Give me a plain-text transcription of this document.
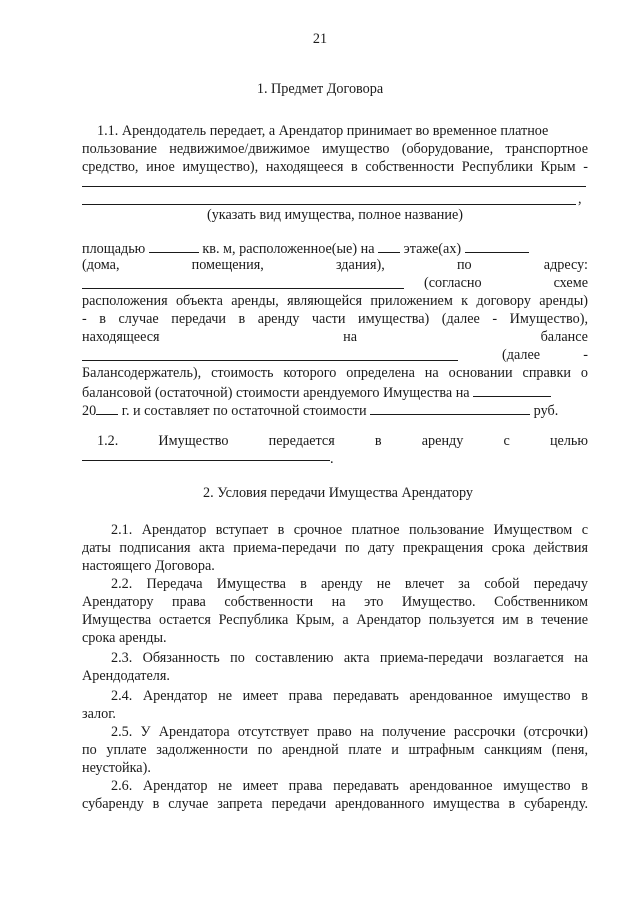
21
1. Предмет Договора
1.1. Арендодатель передает, а Арендатор принимает во временное платное
пользование недвижимое/движимое имущество (оборудование, транспортное
средство, иное имущество), находящееся в собственности Республики Крым -
,
(указать вид имущества, полное название)
площадью	кв. м, расположенное(ые) на этаже(ах)
(дома,	помещения,	здания),	по	адресу:
(согласно схеме
расположения объекта аренды, являющейся приложением к договору аренды)
- в случае передачи в аренду части имущества) (далее - Имущество),
находящееся	на	балансе
(далее	-
Балансодержатель), стоимость которого определена на основании справки о
балансовой (остаточной) стоимости арендуемого Имущества на
20 г. и составляет по остаточной стоимости	руб.
1.2.	Имущество	передается	в	аренду	с	целью
.
2. Условия передачи Имущества Арендатору
2.1. Арендатор вступает в срочное платное пользование Имуществом с
даты подписания акта приема-передачи по дату прекращения срока действия
настоящего Договора.
2.2. Передача Имущества в аренду не влечет за собой передачу
Арендатору права собственности на это Имущество. Собственником
Имущества остается Республика Крым, а Арендатор пользуется им в течение
срока аренды.
2.3. Обязанность по составлению акта приема-передачи возлагается на
Арендодателя.
2.4. Арендатор не имеет права передавать арендованное имущество в
залог.
2.5. У Арендатора отсутствует право на получение рассрочки (отсрочки)
по уплате задолженности по арендной плате и штрафным санкциям (пеня,
неустойка).
2.6. Арендатор не имеет права передавать арендованное имущество в
субаренду в случае запрета передачи арендованного имущества в субаренду.
